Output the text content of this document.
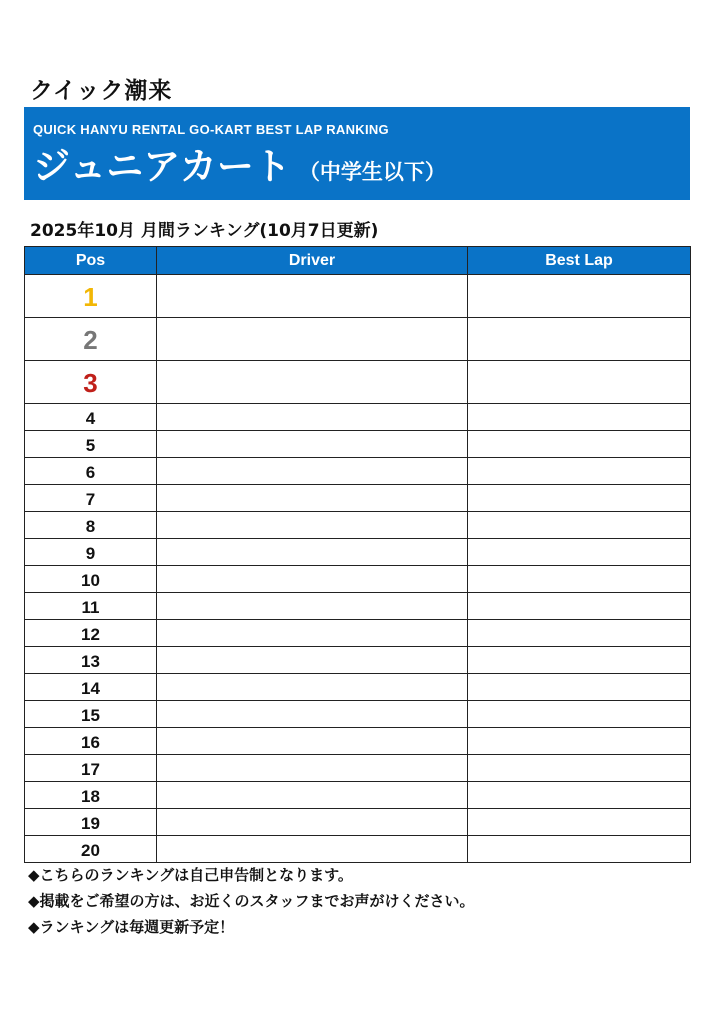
クイック潮来
QUICK HANYU RENTAL GO-KART BEST LAP RANKING
ジュニアカート （中学生以下）
2025年10月 月間ランキング(10月7日更新)
Pos	Driver	Best Lap
1		
2		
3		
4		
5		
6		
7		
8		
9		
10		
11		
12		
13		
14		
15		
16		
17		
18		
19		
20		
◆こちらのランキングは自己申告制となります。
◆掲載をご希望の方は、お近くのスタッフまでお声がけください。
◆ランキングは毎週更新予定！
